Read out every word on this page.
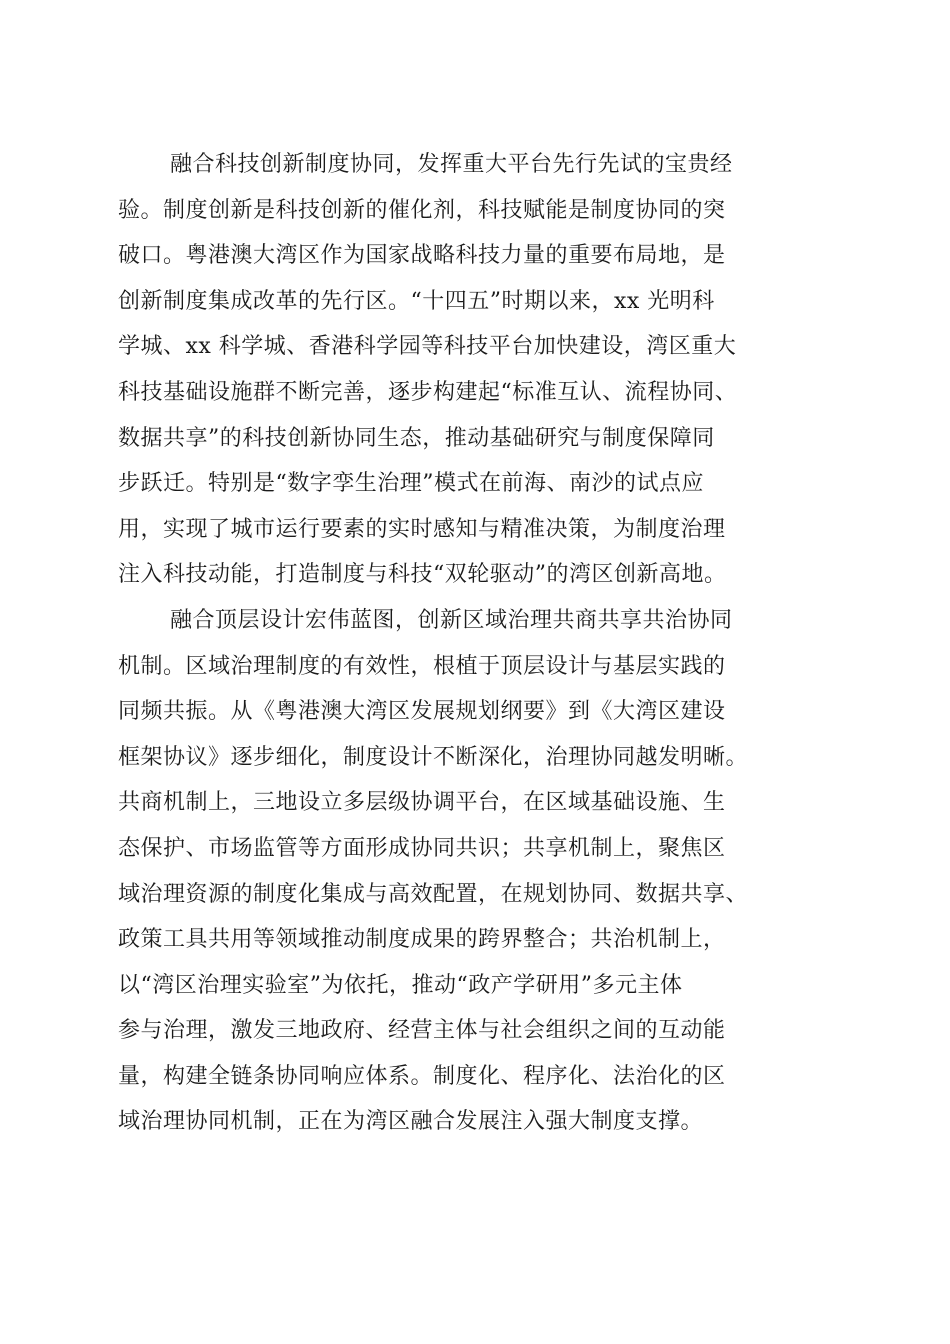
融合科技创新制度协同，发挥重大平台先行先试的宝贵经
验。制度创新是科技创新的催化剂，科技赋能是制度协同的突
破口。粤港澳大湾区作为国家战略科技力量的重要布局地，是
创新制度集成改革的先行区。“十四五”时期以来，xx 光明科
学城、xx 科学城、香港科学园等科技平台加快建设，湾区重大
科技基础设施群不断完善，逐步构建起“标准互认、流程协同、
数据共享”的科技创新协同生态，推动基础研究与制度保障同
步跃迁。特别是“数字孪生治理”模式在前海、南沙的试点应
用，实现了城市运行要素的实时感知与精准决策，为制度治理
注入科技动能，打造制度与科技“双轮驱动”的湾区创新高地。
融合顶层设计宏伟蓝图，创新区域治理共商共享共治协同
机制。区域治理制度的有效性，根植于顶层设计与基层实践的
同频共振。从《粤港澳大湾区发展规划纲要》到《大湾区建设
框架协议》逐步细化，制度设计不断深化，治理协同越发明晰。
共商机制上，三地设立多层级协调平台，在区域基础设施、生
态保护、市场监管等方面形成协同共识；共享机制上，聚焦区
域治理资源的制度化集成与高效配置，在规划协同、数据共享、
政策工具共用等领域推动制度成果的跨界整合；共治机制上，
以“湾区治理实验室”为依托，推动“政产学研用”多元主体
参与治理，激发三地政府、经营主体与社会组织之间的互动能
量，构建全链条协同响应体系。制度化、程序化、法治化的区
域治理协同机制，正在为湾区融合发展注入强大制度支撑。
